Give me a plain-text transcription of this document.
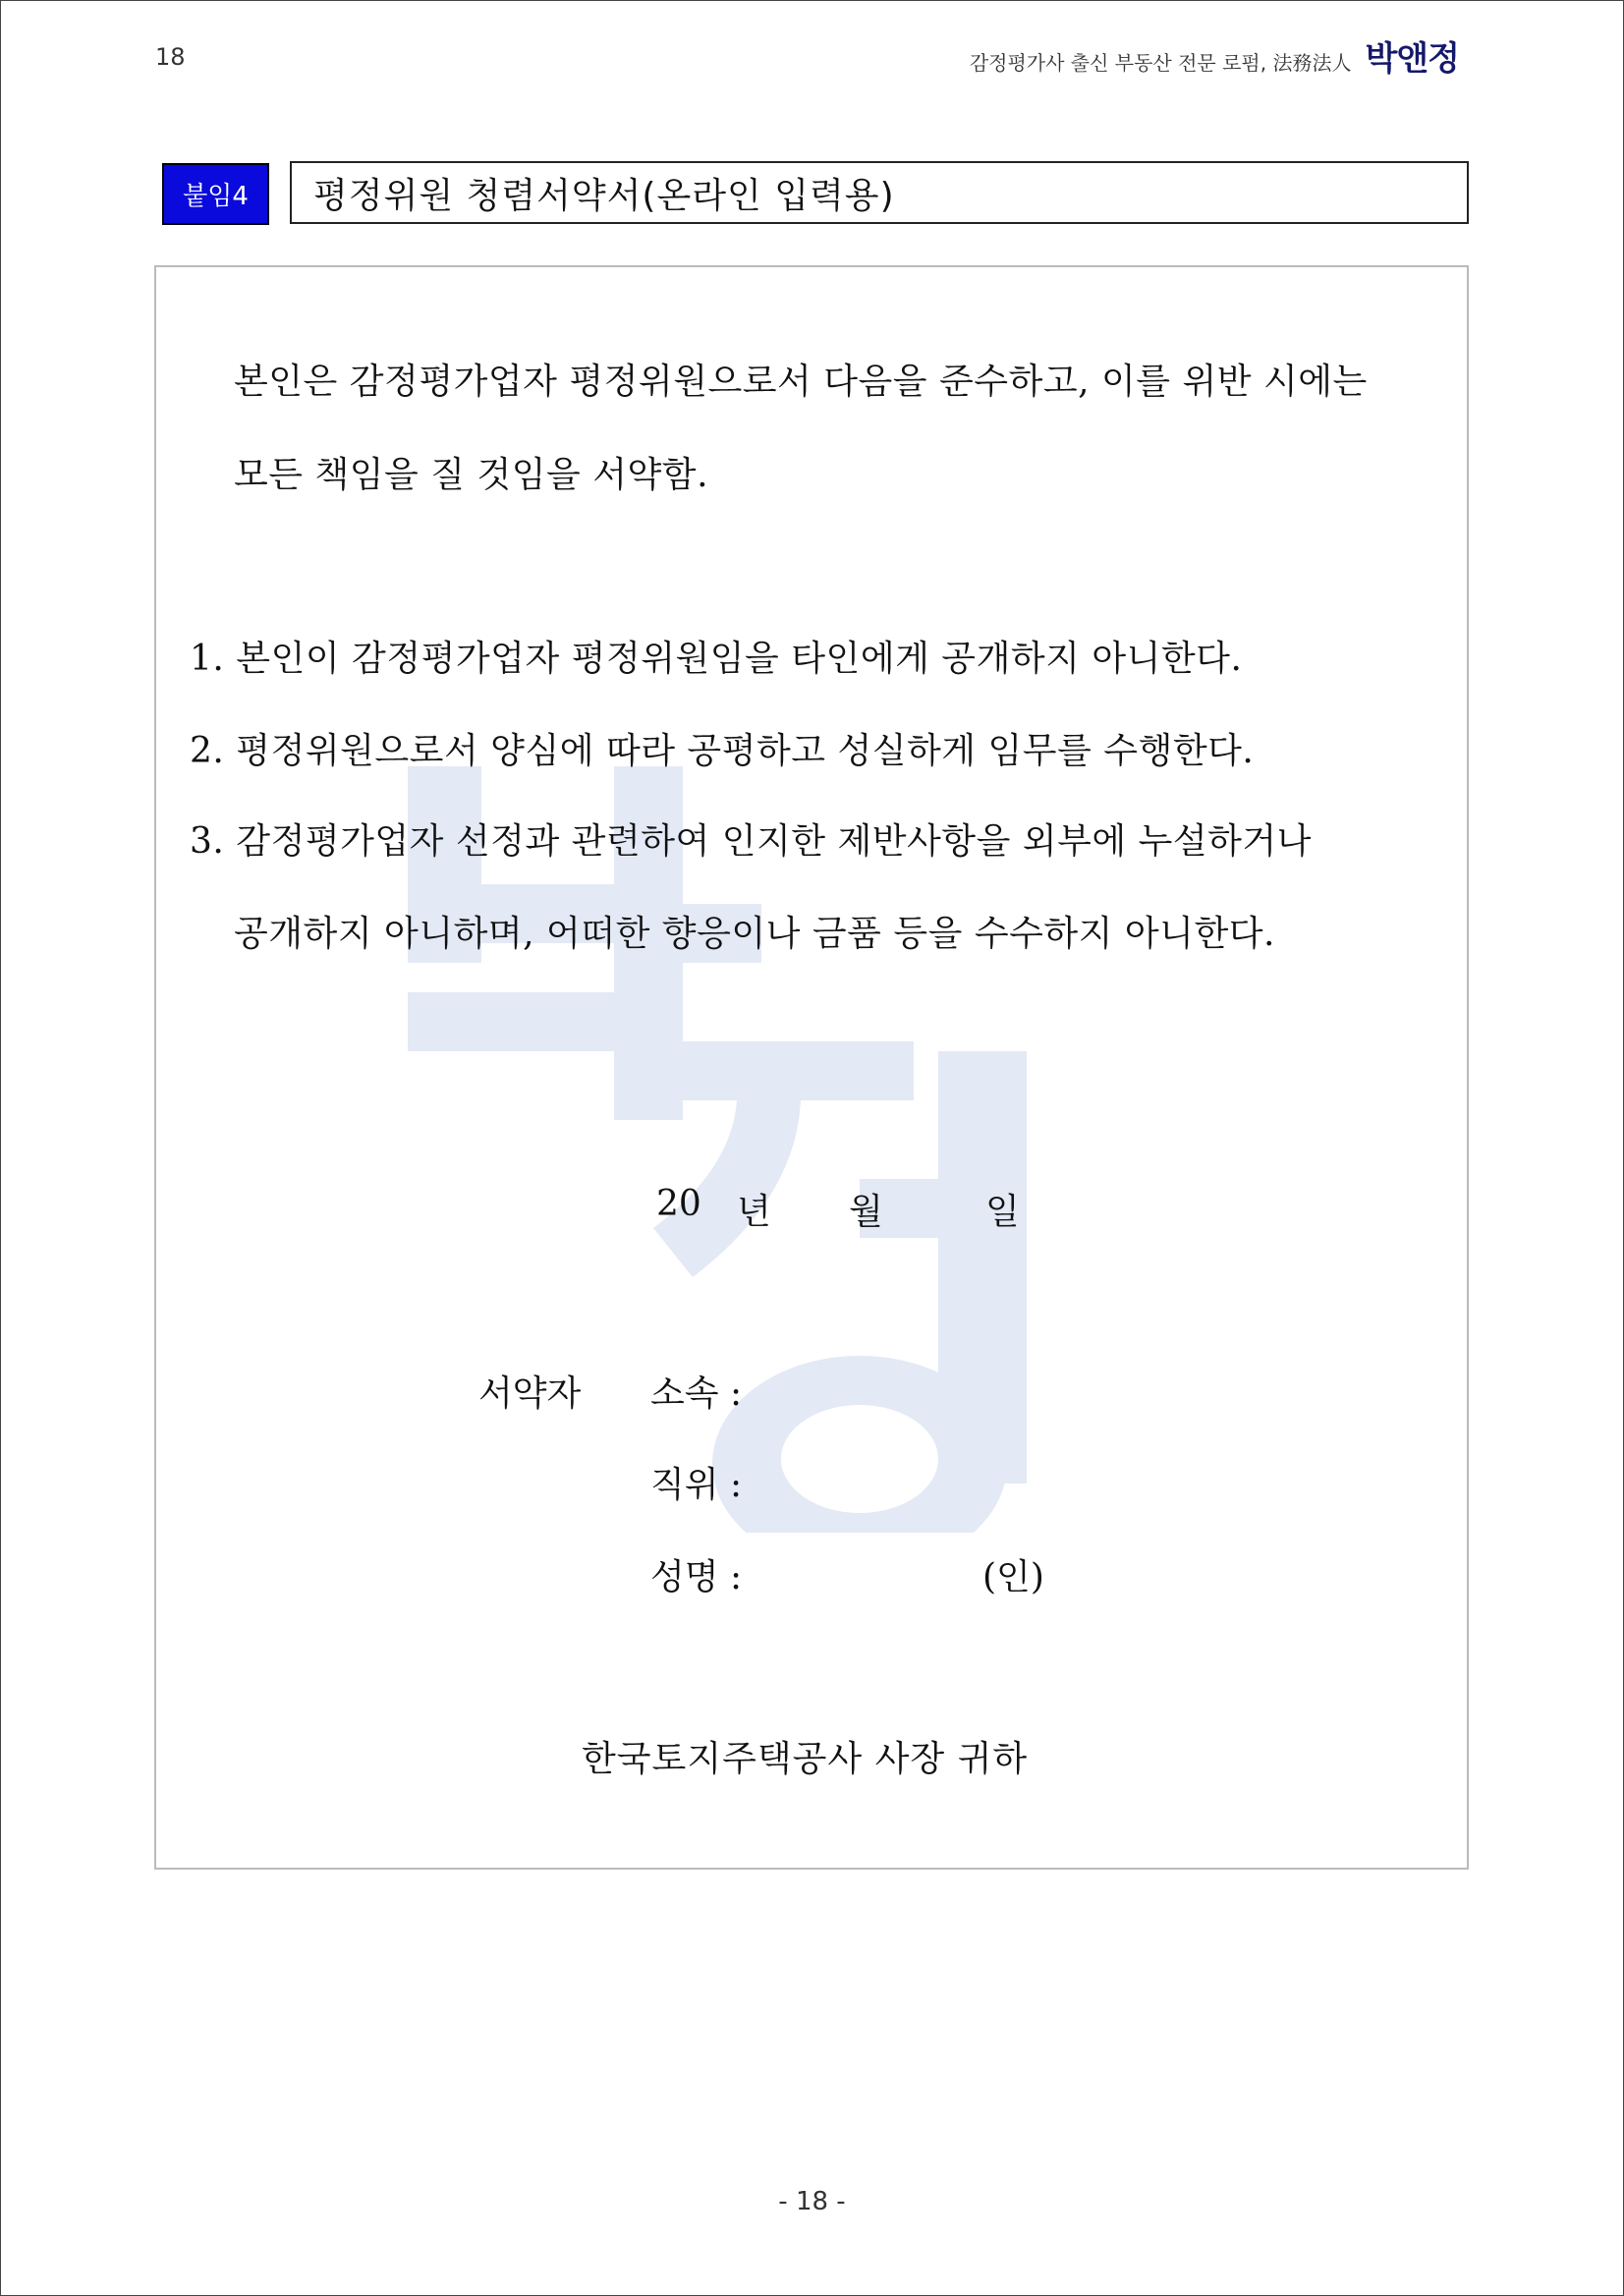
18	감정평가사 출신 부동산 전문 로펌, 法務法人 박앤정
붙임4	평정위원 청렴서약서(온라인 입력용)
본인은 감정평가업자 평정위원으로서 다음을 준수하고, 이를 위반 시에는
모든 책임을 질 것임을 서약함.
1. 본인이 감정평가업자 평정위원임을 타인에게 공개하지 아니한다.
2. 평정위원으로서 양심에 따라 공평하고 성실하게 임무를 수행한다.
3. 감정평가업자 선정과 관련하여 인지한 제반사항을 외부에 누설하거나
공개하지 아니하며, 어떠한 향응이나 금품 등을 수수하지 아니한다.
20 년 월	일
서약자 소속 :
직위 :
성명 :	(인)
한국토지주택공사 사장 귀하
- 18 -
